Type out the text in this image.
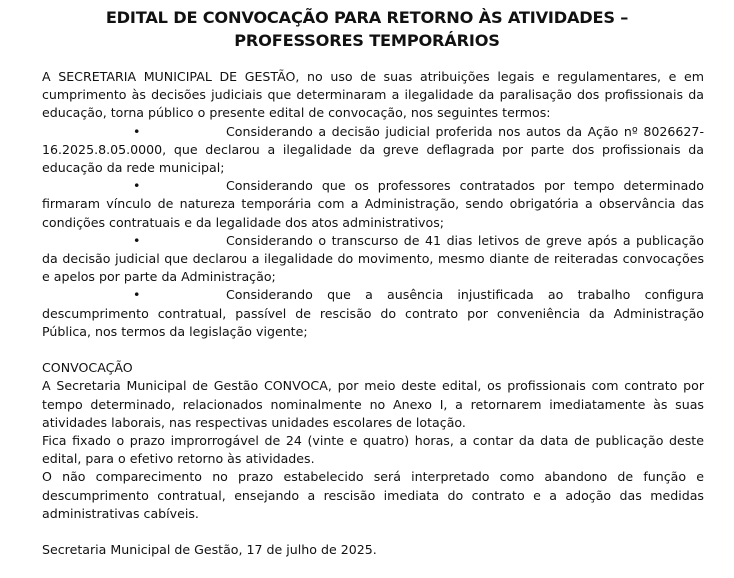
EDITAL DE CONVOCAÇÃO PARA RETORNO ÀS ATIVIDADES –
PROFESSORES TEMPORÁRIOS

A SECRETARIA MUNICIPAL DE GESTÃO, no uso de suas atribuições legais e regulamentares, e em cumprimento às decisões judiciais que determinaram a ilegalidade da paralisação dos profissionais da educação, torna público o presente edital de convocação, nos seguintes termos:

•	Considerando a decisão judicial proferida nos autos da Ação nº 8026627-16.2025.8.05.0000, que declarou a ilegalidade da greve deflagrada por parte dos profissionais da educação da rede municipal;

•	Considerando que os professores contratados por tempo determinado firmaram vínculo de natureza temporária com a Administração, sendo obrigatória a observância das condições contratuais e da legalidade dos atos administrativos;

•	Considerando o transcurso de 41 dias letivos de greve após a publicação da decisão judicial que declarou a ilegalidade do movimento, mesmo diante de reiteradas convocações e apelos por parte da Administração;

•	Considerando que a ausência injustificada ao trabalho configura descumprimento contratual, passível de rescisão do contrato por conveniência da Administração Pública, nos termos da legislação vigente;

CONVOCAÇÃO

A Secretaria Municipal de Gestão CONVOCA, por meio deste edital, os profissionais com contrato por tempo determinado, relacionados nominalmente no Anexo I, a retornarem imediatamente às suas atividades laborais, nas respectivas unidades escolares de lotação.

Fica fixado o prazo improrrogável de 24 (vinte e quatro) horas, a contar da data de publicação deste edital, para o efetivo retorno às atividades.

O não comparecimento no prazo estabelecido será interpretado como abandono de função e descumprimento contratual, ensejando a rescisão imediata do contrato e a adoção das medidas administrativas cabíveis.

Secretaria Municipal de Gestão, 17 de julho de 2025.
